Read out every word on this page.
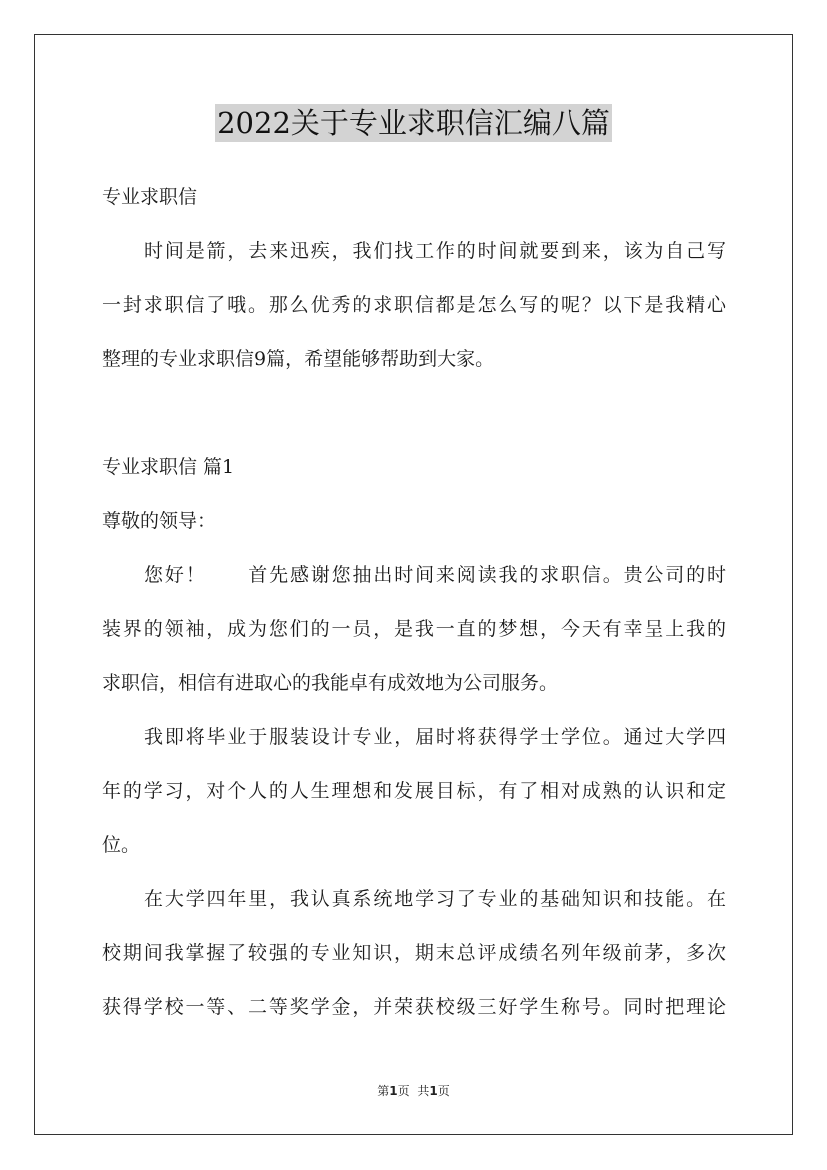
2022关于专业求职信汇编八篇
专业求职信
时间是箭，去来迅疾，我们找工作的时间就要到来，该为自己写
一封求职信了哦。那么优秀的求职信都是怎么写的呢？以下是我精心
整理的专业求职信9篇，希望能够帮助到大家。
专业求职信 篇1
尊敬的领导：
您好！　　首先感谢您抽出时间来阅读我的求职信。贵公司的时
装界的领袖，成为您们的一员，是我一直的梦想，今天有幸呈上我的
求职信，相信有进取心的我能卓有成效地为公司服务。
我即将毕业于服装设计专业，届时将获得学士学位。通过大学四
年的学习，对个人的人生理想和发展目标，有了相对成熟的认识和定
位。
在大学四年里，我认真系统地学习了专业的基础知识和技能。在
校期间我掌握了较强的专业知识，期末总评成绩名列年级前茅，多次
获得学校一等、二等奖学金，并荣获校级三好学生称号。同时把理论
第1页 共1页
